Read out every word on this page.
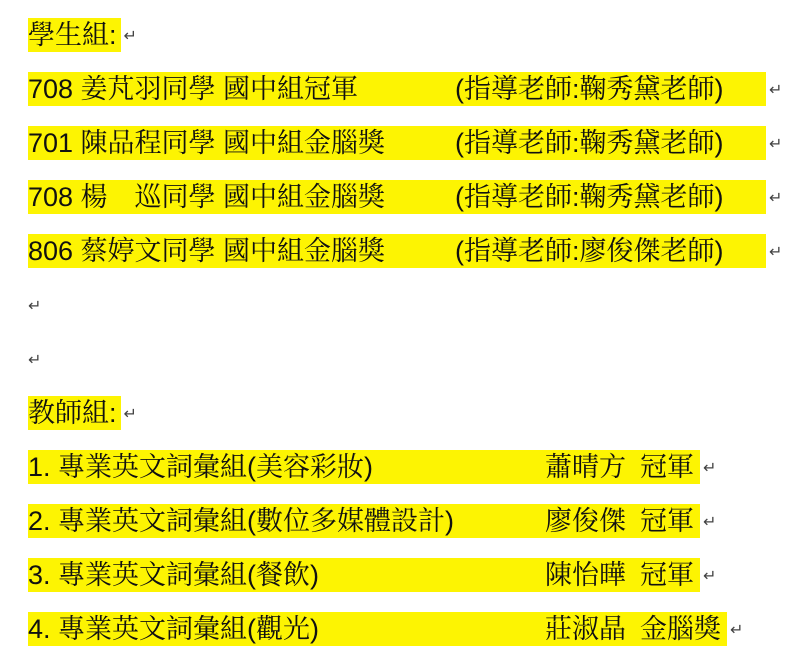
學生組: ↵
708 姜芃羽同學 國中組冠軍	(指導老師:鞠秀黛老師)	↵
701 陳品程同學 國中組金腦獎	(指導老師:鞠秀黛老師)	↵
708 楊　巡同學 國中組金腦獎	(指導老師:鞠秀黛老師)	↵
806 蔡婷文同學 國中組金腦獎	(指導老師:廖俊傑老師)	↵
↵
↵
教師組: ↵
1. 專業英文詞彙組(美容彩妝)	蕭晴方 冠軍 ↵
2. 專業英文詞彙組(數位多媒體設計)	廖俊傑 冠軍 ↵
3. 專業英文詞彙組(餐飲)	陳怡曄 冠軍 ↵
4. 專業英文詞彙組(觀光)	莊淑晶 金腦獎 ↵
